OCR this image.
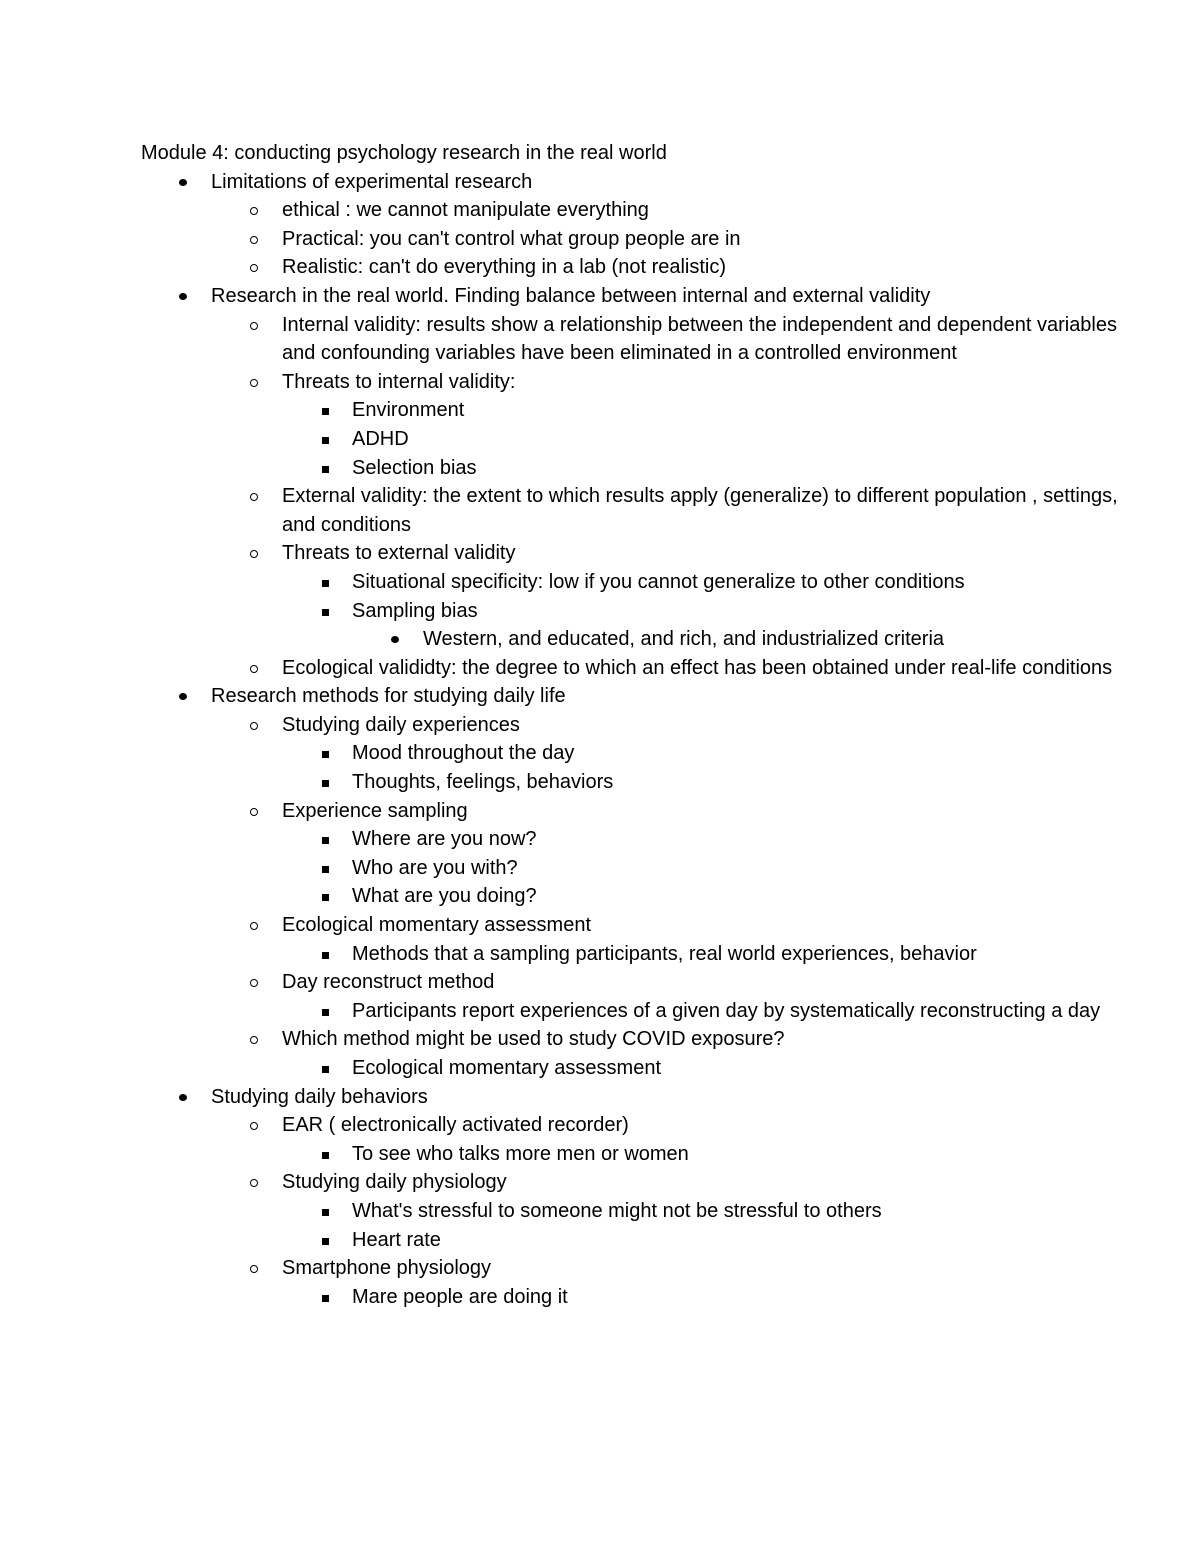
Module 4: conducting psychology research in the real world
Limitations of experimental research
ethical : we cannot manipulate everything
Practical: you can't control what group people are in
Realistic: can't do everything in a lab (not realistic)
Research in the real world. Finding balance between internal and external validity
Internal validity: results show a relationship between the independent and dependent variables and confounding variables have been eliminated in a controlled environment
Threats to internal validity:
Environment
ADHD
Selection bias
External validity: the extent to which results apply (generalize) to different population , settings, and conditions
Threats to external validity
Situational specificity: low if you cannot generalize to other conditions
Sampling bias
Western, and educated, and rich, and industrialized criteria
Ecological valididty: the degree to which an effect has been obtained under real-life conditions
Research methods for studying daily life
Studying daily experiences
Mood throughout the day
Thoughts, feelings, behaviors
Experience sampling
Where are you now?
Who are you with?
What are you doing?
Ecological momentary assessment
Methods that a sampling participants, real world experiences, behavior
Day reconstruct method
Participants report experiences of a given day by systematically reconstructing a day
Which method might be used to study COVID exposure?
Ecological momentary assessment
Studying daily behaviors
EAR ( electronically activated recorder)
To see who talks more men or women
Studying daily physiology
What's stressful to someone might not be stressful to others
Heart rate
Smartphone physiology
Mare people are doing it
